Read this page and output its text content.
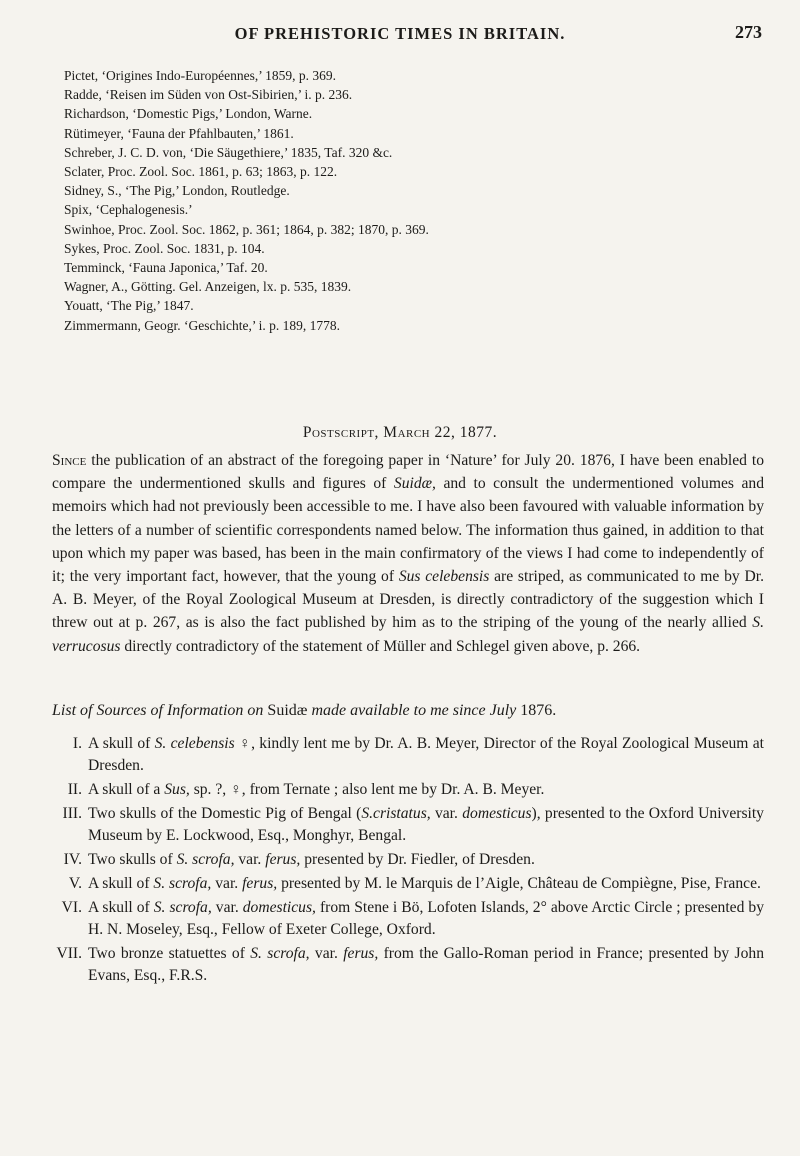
OF PREHISTORIC TIMES IN BRITAIN.	273
Pictet, ‘Origines Indo-Européennes,’ 1859, p. 369.
Radde, ‘Reisen im Süden von Ost-Sibirien,’ i. p. 236.
Richardson, ‘Domestic Pigs,’ London, Warne.
Rütimeyer, ‘Fauna der Pfahlbauten,’ 1861.
Schreber, J. C. D. von, ‘Die Säugethiere,’ 1835, Taf. 320 &c.
Sclater, Proc. Zool. Soc. 1861, p. 63; 1863, p. 122.
Sidney, S., ‘The Pig,’ London, Routledge.
Spix, ‘Cephalogenesis.’
Swinhoe, Proc. Zool. Soc. 1862, p. 361; 1864, p. 382; 1870, p. 369.
Sykes, Proc. Zool. Soc. 1831, p. 104.
Temminck, ‘Fauna Japonica,’ Taf. 20.
Wagner, A., Götting. Gel. Anzeigen, lx. p. 535, 1839.
Youatt, ‘The Pig,’ 1847.
Zimmermann, Geogr. ‘Geschichte,’ i. p. 189, 1778.
Postscript, March 22, 1877.
Since the publication of an abstract of the foregoing paper in ‘Nature’ for July 20. 1876, I have been enabled to compare the undermentioned skulls and figures of Suidæ, and to consult the undermentioned volumes and memoirs which had not previously been accessible to me. I have also been favoured with valuable information by the letters of a number of scientific correspondents named below. The information thus gained, in addition to that upon which my paper was based, has been in the main confirmatory of the views I had come to independently of it; the very important fact, however, that the young of Sus celebensis are striped, as communicated to me by Dr. A. B. Meyer, of the Royal Zoological Museum at Dresden, is directly contradictory of the suggestion which I threw out at p. 267, as is also the fact published by him as to the striping of the young of the nearly allied S. verrucosus directly contradictory of the statement of Müller and Schlegel given above, p. 266.
List of Sources of Information on Suidæ made available to me since July 1876.
I. A skull of S. celebensis ♀, kindly lent me by Dr. A. B. Meyer, Director of the Royal Zoological Museum at Dresden.
II. A skull of a Sus, sp. ?, ♀, from Ternate ; also lent me by Dr. A. B. Meyer.
III. Two skulls of the Domestic Pig of Bengal (S.cristatus, var. domesticus), presented to the Oxford University Museum by E. Lockwood, Esq., Monghyr, Bengal.
IV. Two skulls of S. scrofa, var. ferus, presented by Dr. Fiedler, of Dresden.
V. A skull of S. scrofa, var. ferus, presented by M. le Marquis de l’Aigle, Château de Compiègne, Pise, France.
VI. A skull of S. scrofa, var. domesticus, from Stene i Bö, Lofoten Islands, 2° above Arctic Circle ; presented by H. N. Moseley, Esq., Fellow of Exeter College, Oxford.
VII. Two bronze statuettes of S. scrofa, var. ferus, from the Gallo-Roman period in France; presented by John Evans, Esq., F.R.S.
